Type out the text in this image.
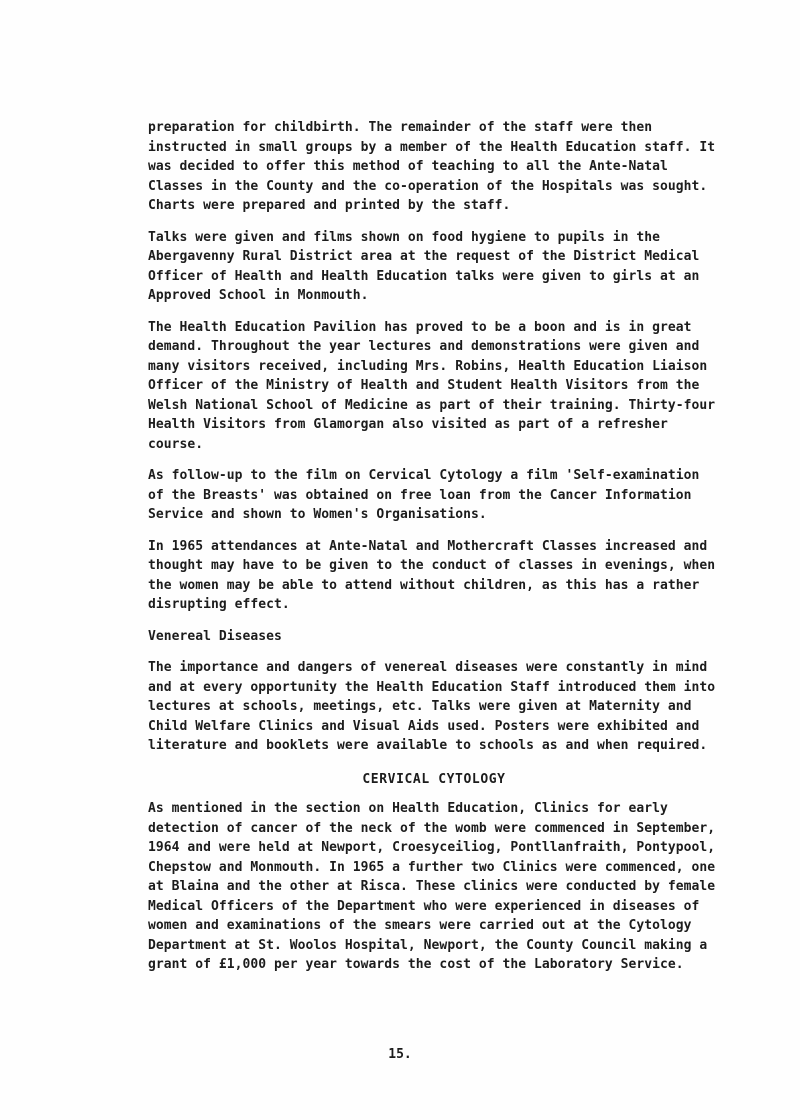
preparation for childbirth. The remainder of the staff were then instructed in small groups by a member of the Health Education staff. It was decided to offer this method of teaching to all the Ante-Natal Classes in the County and the co-operation of the Hospitals was sought. Charts were prepared and printed by the staff.

Talks were given and films shown on food hygiene to pupils in the Abergavenny Rural District area at the request of the District Medical Officer of Health and Health Education talks were given to girls at an Approved School in Monmouth.

The Health Education Pavilion has proved to be a boon and is in great demand. Throughout the year lectures and demonstrations were given and many visitors received, including Mrs. Robins, Health Education Liaison Officer of the Ministry of Health and Student Health Visitors from the Welsh National School of Medicine as part of their training. Thirty-four Health Visitors from Glamorgan also visited as part of a refresher course.

As follow-up to the film on Cervical Cytology a film 'Self-examination of the Breasts' was obtained on free loan from the Cancer Information Service and shown to Women's Organisations.

In 1965 attendances at Ante-Natal and Mothercraft Classes increased and thought may have to be given to the conduct of classes in evenings, when the women may be able to attend without children, as this has a rather disrupting effect.

Venereal Diseases

The importance and dangers of venereal diseases were constantly in mind and at every opportunity the Health Education Staff introduced them into lectures at schools, meetings, etc. Talks were given at Maternity and Child Welfare Clinics and Visual Aids used. Posters were exhibited and literature and booklets were available to schools as and when required.

CERVICAL CYTOLOGY

As mentioned in the section on Health Education, Clinics for early detection of cancer of the neck of the womb were commenced in September, 1964 and were held at Newport, Croesyceiliog, Pontllanfraith, Pontypool, Chepstow and Monmouth. In 1965 a further two Clinics were commenced, one at Blaina and the other at Risca. These clinics were conducted by female Medical Officers of the Department who were experienced in diseases of women and examinations of the smears were carried out at the Cytology Department at St. Woolos Hospital, Newport, the County Council making a grant of £1,000 per year towards the cost of the Laboratory Service.

15.
